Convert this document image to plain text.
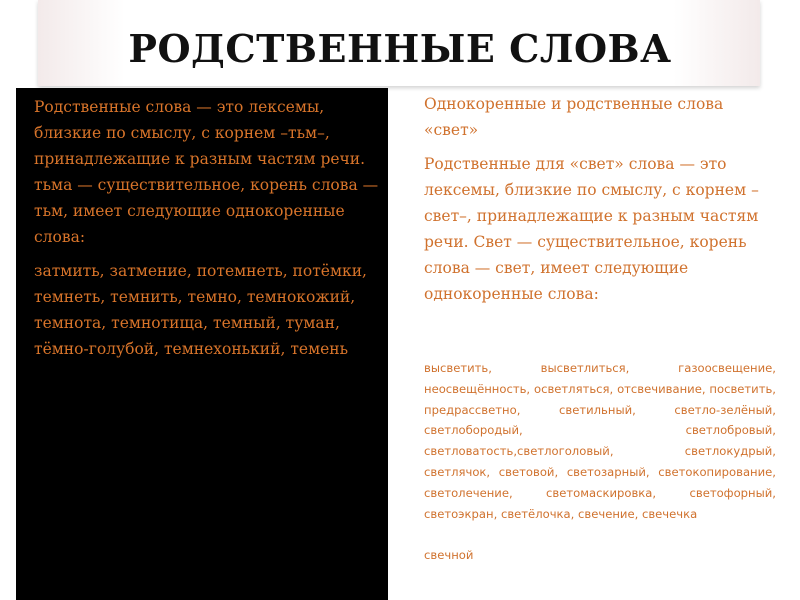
РОДСТВЕННЫЕ СЛОВА

Родственные слова — это лексемы, близкие по смыслу, с корнем –тьм–, принадлежащие к разным частям речи. тьма — существительное, корень слова — тьм, имеет следующие однокоренные слова:

затмить, затмение, потемнеть, потёмки, темнеть, темнить, темно, темнокожий, темнота, темнотища, темный, туман, тёмно-голубой, темнехонький, темень

Однокоренные и родственные слова «свет»

Родственные для «свет» слова — это лексемы, близкие по смыслу, с корнем –свет–, принадлежащие к разным частям речи. Свет — существительное, корень слова — свет, имеет следующие однокоренные слова:

высветить, высветлиться, газоосвещение, неосвещённость, осветляться, отсвечивание, посветить, предрассветно, светильный, светло-зелёный, светлобородый, светлобровый, светловатость,светлоголовый, светлокудрый, светлячок, световой, светозарный, светокопирование, светолечение, светомаскировка, светофорный, светоэкран, светёлочка, свечение, свечечка
свечной
